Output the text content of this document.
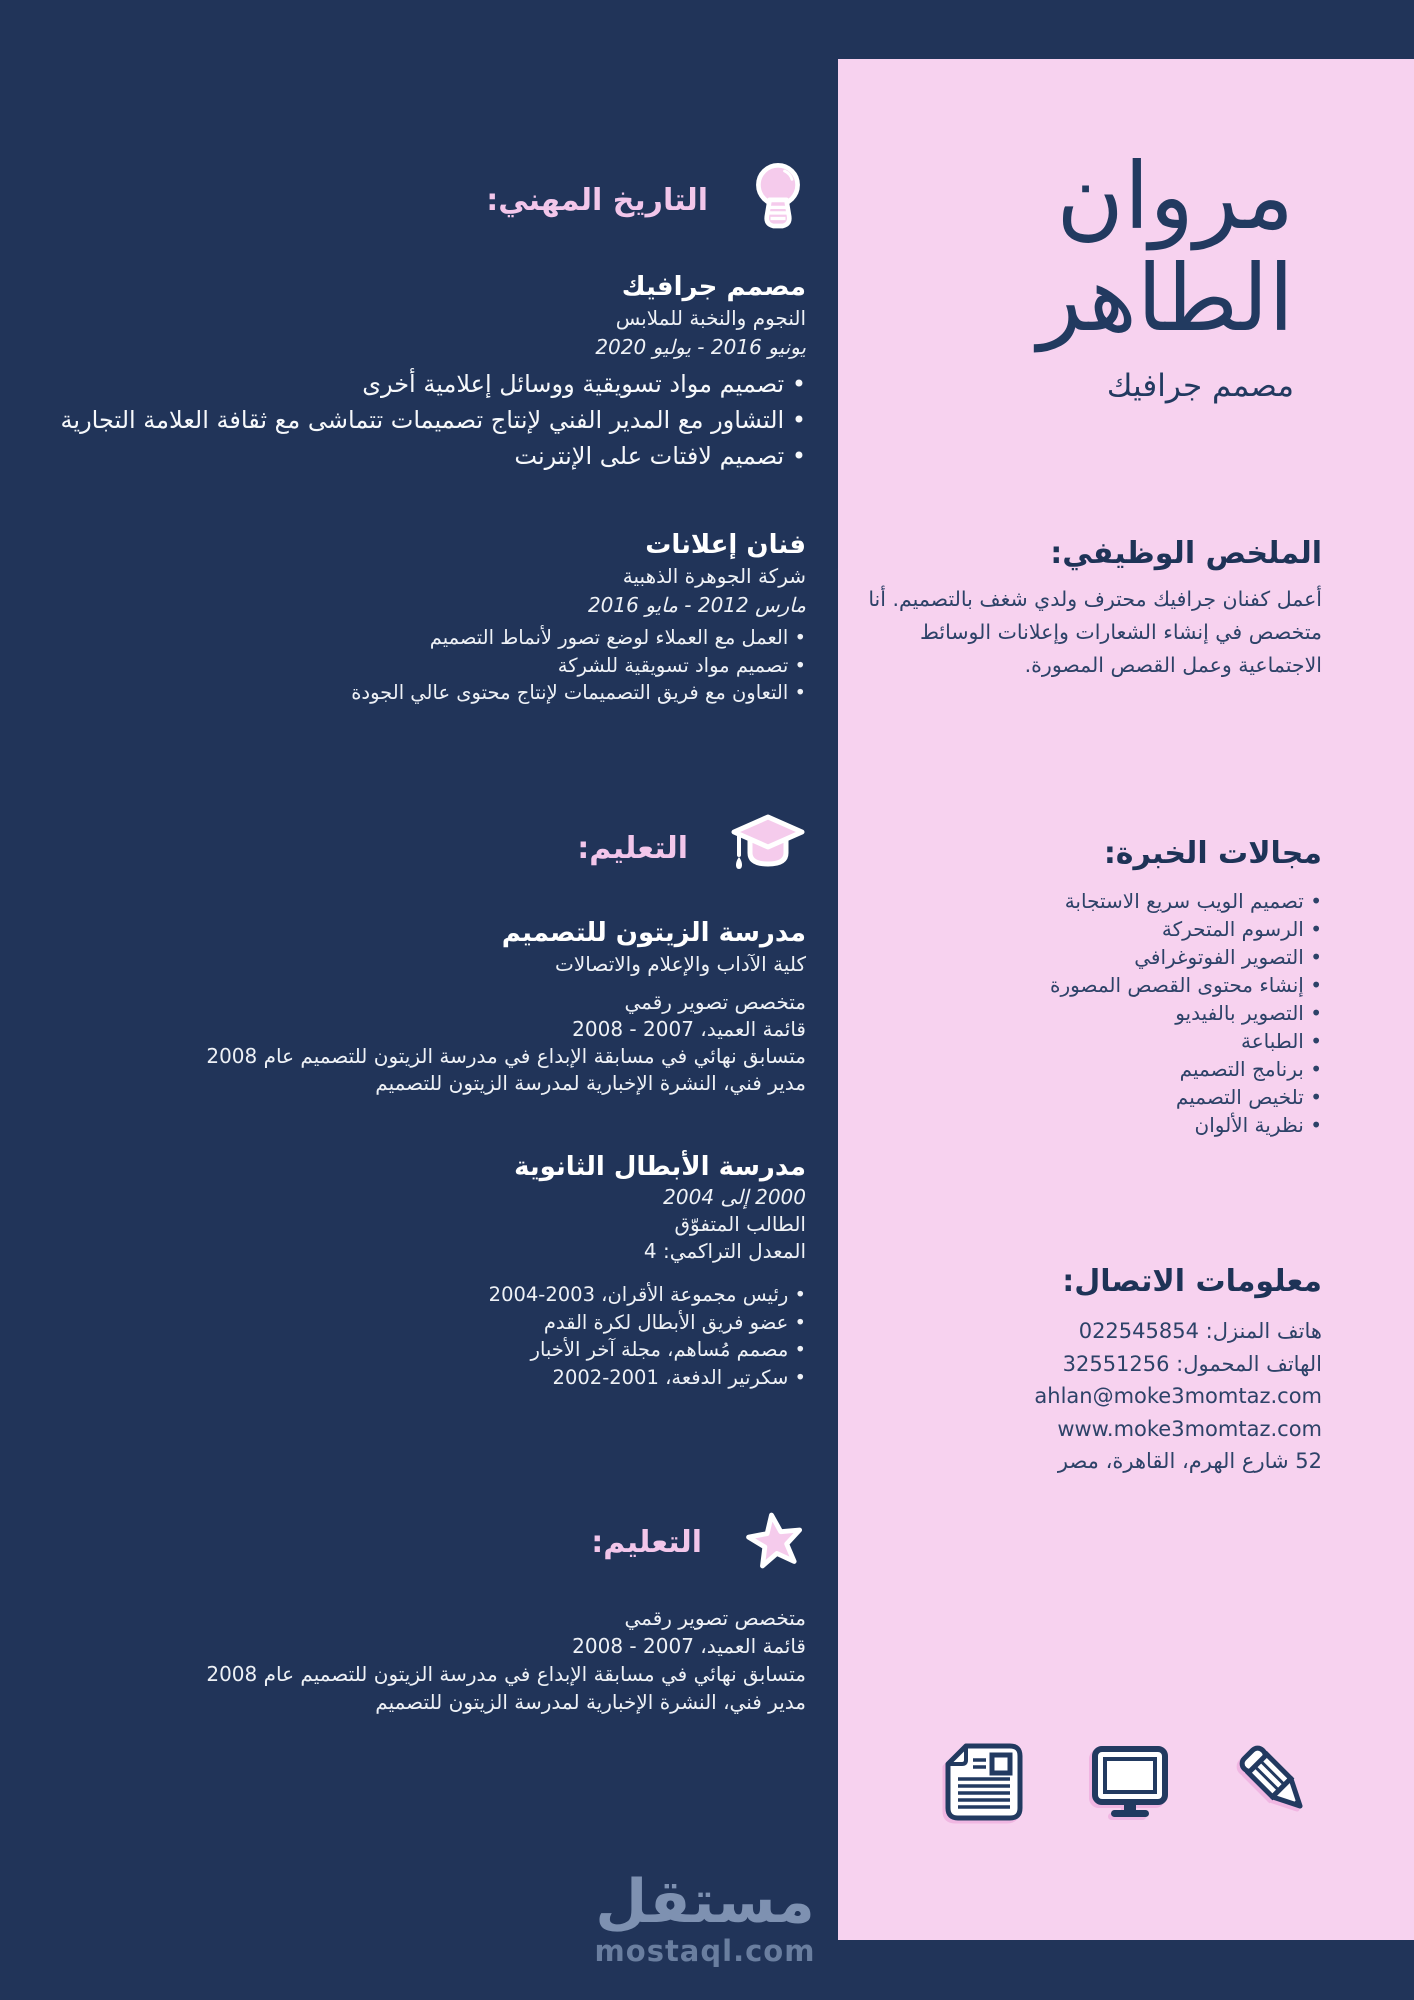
التاريخ المهني:
مصمم جرافيك
النجوم والنخبة للملابس
يونيو 2016 - يوليو 2020
• تصميم مواد تسويقية ووسائل إعلامية أخرى
• التشاور مع المدير الفني لإنتاج تصميمات تتماشى مع ثقافة العلامة التجارية
• تصميم لافتات على الإنترنت
فنان إعلانات
شركة الجوهرة الذهبية
مارس 2012 - مايو 2016
• العمل مع العملاء لوضع تصور لأنماط التصميم
• تصميم مواد تسويقية للشركة
• التعاون مع فريق التصميمات لإنتاج محتوى عالي الجودة
التعليم:
مدرسة الزيتون للتصميم
كلية الآداب والإعلام والاتصالات
متخصص تصوير رقمي
قائمة العميد، 2007 - 2008
متسابق نهائي في مسابقة الإبداع في مدرسة الزيتون للتصميم عام 2008
مدير فني، النشرة الإخبارية لمدرسة الزيتون للتصميم
مدرسة الأبطال الثانوية
2000 إلى 2004
الطالب المتفوّق
المعدل التراكمي: 4
• رئيس مجموعة الأقران، 2003-2004
• عضو فريق الأبطال لكرة القدم
• مصمم مُساهم، مجلة آخر الأخبار
• سكرتير الدفعة، 2001-2002
التعليم:
متخصص تصوير رقمي
قائمة العميد، 2007 - 2008
متسابق نهائي في مسابقة الإبداع في مدرسة الزيتون للتصميم عام 2008
مدير فني، النشرة الإخبارية لمدرسة الزيتون للتصميم
مستقل
mostaql.com
مروان
الطاهر
مصمم جرافيك
الملخص الوظيفي:
أعمل كفنان جرافيك محترف ولدي شغف بالتصميم. أنا متخصص في إنشاء الشعارات وإعلانات الوسائط الاجتماعية وعمل القصص المصورة.
مجالات الخبرة:
• تصميم الويب سريع الاستجابة
• الرسوم المتحركة
• التصوير الفوتوغرافي
• إنشاء محتوى القصص المصورة
• التصوير بالفيديو
• الطباعة
• برنامج التصميم
• تلخيص التصميم
• نظرية الألوان
معلومات الاتصال:
هاتف المنزل: 022545854
الهاتف المحمول: 32551256
ahlan@moke3momtaz.com
www.moke3momtaz.com
52 شارع الهرم، القاهرة، مصر
